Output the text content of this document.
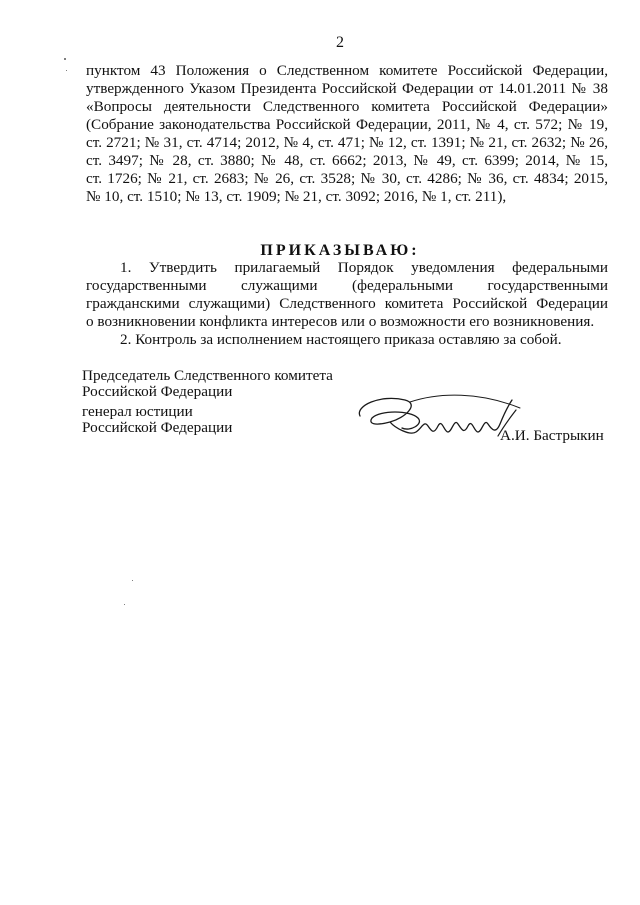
2
пунктом 43 Положения о Следственном комитете Российской Федерации,
утвержденного Указом Президента Российской Федерации от 14.01.2011 № 38
«Вопросы деятельности Следственного комитета Российской Федерации»
(Собрание законодательства Российской Федерации, 2011, № 4, ст. 572; № 19,
ст. 2721; № 31, ст. 4714; 2012, № 4, ст. 471; № 12, ст. 1391; № 21, ст. 2632; № 26,
ст. 3497; № 28, ст. 3880; № 48, ст. 6662; 2013, № 49, ст. 6399; 2014, № 15,
ст. 1726; № 21, ст. 2683; № 26, ст. 3528; № 30, ст. 4286; № 36, ст. 4834; 2015,
№ 10, ст. 1510; № 13, ст. 1909; № 21, ст. 3092; 2016, № 1, ст. 211),
ПРИКАЗЫВАЮ:
1. Утвердить прилагаемый Порядок уведомления федеральными
государственными служащими (федеральными государственными
гражданскими служащими) Следственного комитета Российской Федерации
о возникновении конфликта интересов или о возможности его возникновения.
2. Контроль за исполнением настоящего приказа оставляю за собой.
Председатель Следственного комитета
Российской Федерации
генерал юстиции
Российской Федерации	А.И. Бастрыкин
